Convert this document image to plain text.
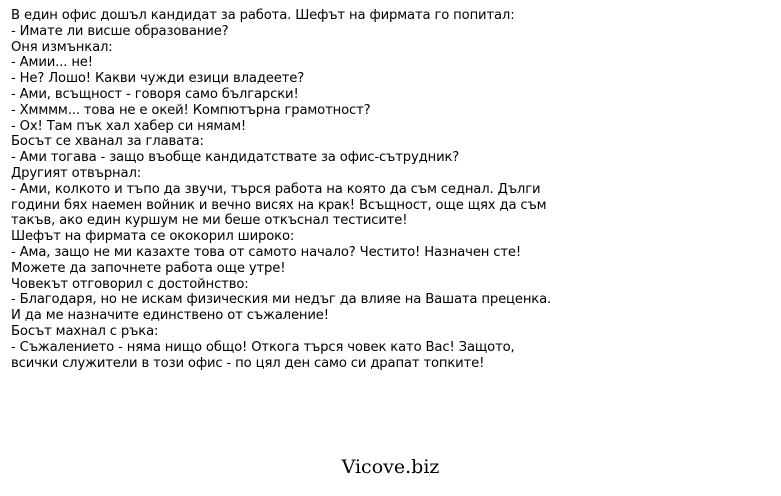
В един офис дошъл кандидат за работа. Шефът на фирмата го попитал:
- Имате ли висше образование?
Оня измънкал:
- Амии... не!
- Не? Лошо! Какви чужди езици владеете?
- Ами, всъщност - говоря само български!
- Хмммм... това не е окей! Компютърна грамотност?
- Ох! Там пък хал хабер си нямам!
Босът се хванал за главата:
- Ами тогава - защо въобще кандидатствате за офис-сътрудник?
Другият отвърнал:
- Ами, колкото и тъпо да звучи, търся работа на която да съм седнал. Дълги
години бях наемен войник и вечно висях на крак! Всъщност, още щях да съм
такъв, ако един куршум не ми беше откъснал тестисите!
Шефът на фирмата се ококорил широко:
- Ама, защо не ми казахте това от самото начало? Честито! Назначен сте!
Можете да започнете работа още утре!
Човекът отговорил с достойнство:
- Благодаря, но не искам физическия ми недъг да влияе на Вашата преценка.
И да ме назначите единствено от съжаление!
Босът махнал с ръка:
- Съжалението - няма нищо общо! Откога търся човек като Вас! Защото,
всички служители в този офис - по цял ден само си драпат топките!
Vicove.biz
